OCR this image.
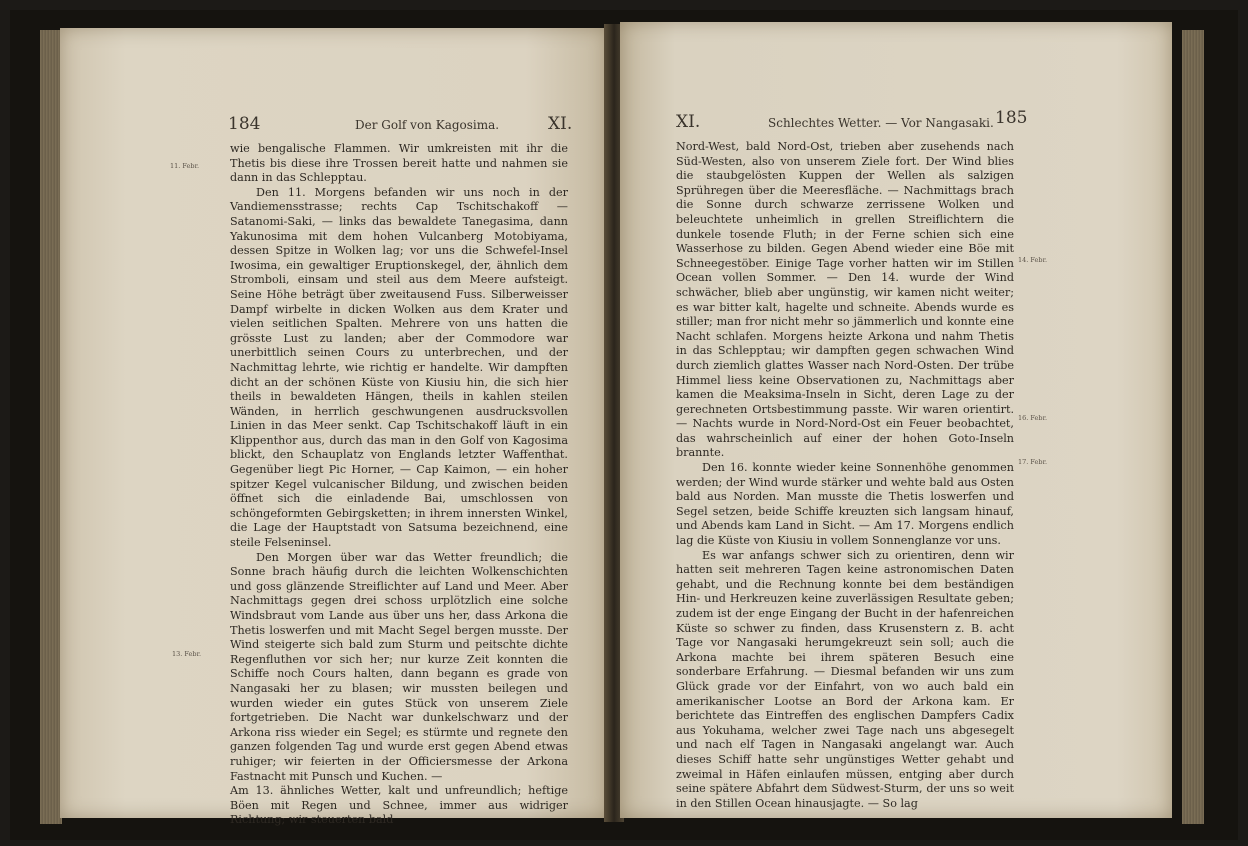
184	Der Golf von Kagosima.	XI.
11. Febr.
13. Febr.

wie bengalische Flammen. Wir umkreisten mit ihr die Thetis bis diese ihre Trossen bereit hatte und nahmen sie dann in das Schlepptau.

Den 11. Morgens befanden wir uns noch in der Vandiemensstrasse; rechts Cap Tschitschakoff — Satanomi-Saki, — links das bewaldete Tanegasima, dann Yakunosima mit dem hohen Vulcanberg Motobiyama, dessen Spitze in Wolken lag; vor uns die Schwefel-Insel Iwosima, ein gewaltiger Eruptionskegel, der, ähnlich dem Stromboli, einsam und steil aus dem Meere aufsteigt. Seine Höhe beträgt über zweitausend Fuss. Silberweisser Dampf wirbelte in dicken Wolken aus dem Krater und vielen seitlichen Spalten. Mehrere von uns hatten die grösste Lust zu landen; aber der Commodore war unerbittlich seinen Cours zu unterbrechen, und der Nachmittag lehrte, wie richtig er handelte. Wir dampften dicht an der schönen Küste von Kiusiu hin, die sich hier theils in bewaldeten Hängen, theils in kahlen steilen Wänden, in herrlich geschwungenen ausdrucksvollen Linien in das Meer senkt. Cap Tschitschakoff läuft in ein Klippenthor aus, durch das man in den Golf von Kagosima blickt, den Schauplatz von Englands letzter Waffenthat. Gegenüber liegt Pic Horner, — Cap Kaimon, — ein hoher spitzer Kegel vulcanischer Bildung, und zwischen beiden öffnet sich die einladende Bai, umschlossen von schöngeformten Gebirgsketten; in ihrem innersten Winkel, die Lage der Hauptstadt von Satsuma bezeichnend, eine steile Felseninsel.

Den Morgen über war das Wetter freundlich; die Sonne brach häufig durch die leichten Wolkenschichten und goss glänzende Streiflichter auf Land und Meer. Aber Nachmittags gegen drei schoss urplötzlich eine solche Windsbraut vom Lande aus über uns her, dass Arkona die Thetis loswerfen und mit Macht Segel bergen musste. Der Wind steigerte sich bald zum Sturm und peitschte dichte Regenfluthen vor sich her; nur kurze Zeit konnten die Schiffe noch Cours halten, dann begann es grade von Nangasaki her zu blasen; wir mussten beilegen und wurden wieder ein gutes Stück von unserem Ziele fortgetrieben. Die Nacht war dunkelschwarz und der Arkona riss wieder ein Segel; es stürmte und regnete den ganzen folgenden Tag und wurde erst gegen Abend etwas ruhiger; wir feierten in der Officiersmesse der Arkona Fastnacht mit Punsch und Kuchen. —

Am 13. ähnliches Wetter, kalt und unfreundlich; heftige Böen mit Regen und Schnee, immer aus widriger Richtung; wir steuerten bald

XI.	Schlechtes Wetter. — Vor Nangasaki. 185
14. Febr.
16. Febr.
17. Febr.

Nord-West, bald Nord-Ost, trieben aber zusehends nach Süd-Westen, also von unserem Ziele fort. Der Wind blies die staubgelösten Kuppen der Wellen als salzigen Sprühregen über die Meeresfläche. — Nachmittags brach die Sonne durch schwarze zerrissene Wolken und beleuchtete unheimlich in grellen Streiflichtern die dunkele tosende Fluth; in der Ferne schien sich eine Wasserhose zu bilden. Gegen Abend wieder eine Böe mit Schneegestöber. Einige Tage vorher hatten wir im Stillen Ocean vollen Sommer. — Den 14. wurde der Wind schwächer, blieb aber ungünstig, wir kamen nicht weiter; es war bitter kalt, hagelte und schneite. Abends wurde es stiller; man fror nicht mehr so jämmerlich und konnte eine Nacht schlafen. Morgens heizte Arkona und nahm Thetis in das Schlepptau; wir dampften gegen schwachen Wind durch ziemlich glattes Wasser nach Nord-Osten. Der trübe Himmel liess keine Observationen zu, Nachmittags aber kamen die Meaksima-Inseln in Sicht, deren Lage zu der gerechneten Ortsbestimmung passte. Wir waren orientirt. — Nachts wurde in Nord-Nord-Ost ein Feuer beobachtet, das wahrscheinlich auf einer der hohen Goto-Inseln brannte.

Den 16. konnte wieder keine Sonnenhöhe genommen werden; der Wind wurde stärker und wehte bald aus Osten bald aus Norden. Man musste die Thetis loswerfen und Segel setzen, beide Schiffe kreuzten sich langsam hinauf, und Abends kam Land in Sicht. — Am 17. Morgens endlich lag die Küste von Kiusiu in vollem Sonnenglanze vor uns.

Es war anfangs schwer sich zu orientiren, denn wir hatten seit mehreren Tagen keine astronomischen Daten gehabt, und die Rechnung konnte bei dem beständigen Hin- und Herkreuzen keine zuverlässigen Resultate geben; zudem ist der enge Eingang der Bucht in der hafenreichen Küste so schwer zu finden, dass Krusenstern z. B. acht Tage vor Nangasaki herumgekreuzt sein soll; auch die Arkona machte bei ihrem späteren Besuch eine sonderbare Erfahrung. — Diesmal befanden wir uns zum Glück grade vor der Einfahrt, von wo auch bald ein amerikanischer Lootse an Bord der Arkona kam. Er berichtete das Eintreffen des englischen Dampfers Cadix aus Yokuhama, welcher zwei Tage nach uns abgesegelt und nach elf Tagen in Nangasaki angelangt war. Auch dieses Schiff hatte sehr ungünstiges Wetter gehabt und zweimal in Häfen einlaufen müssen, entging aber durch seine spätere Abfahrt dem Südwest-Sturm, der uns so weit in den Stillen Ocean hinausjagte. — So lag
